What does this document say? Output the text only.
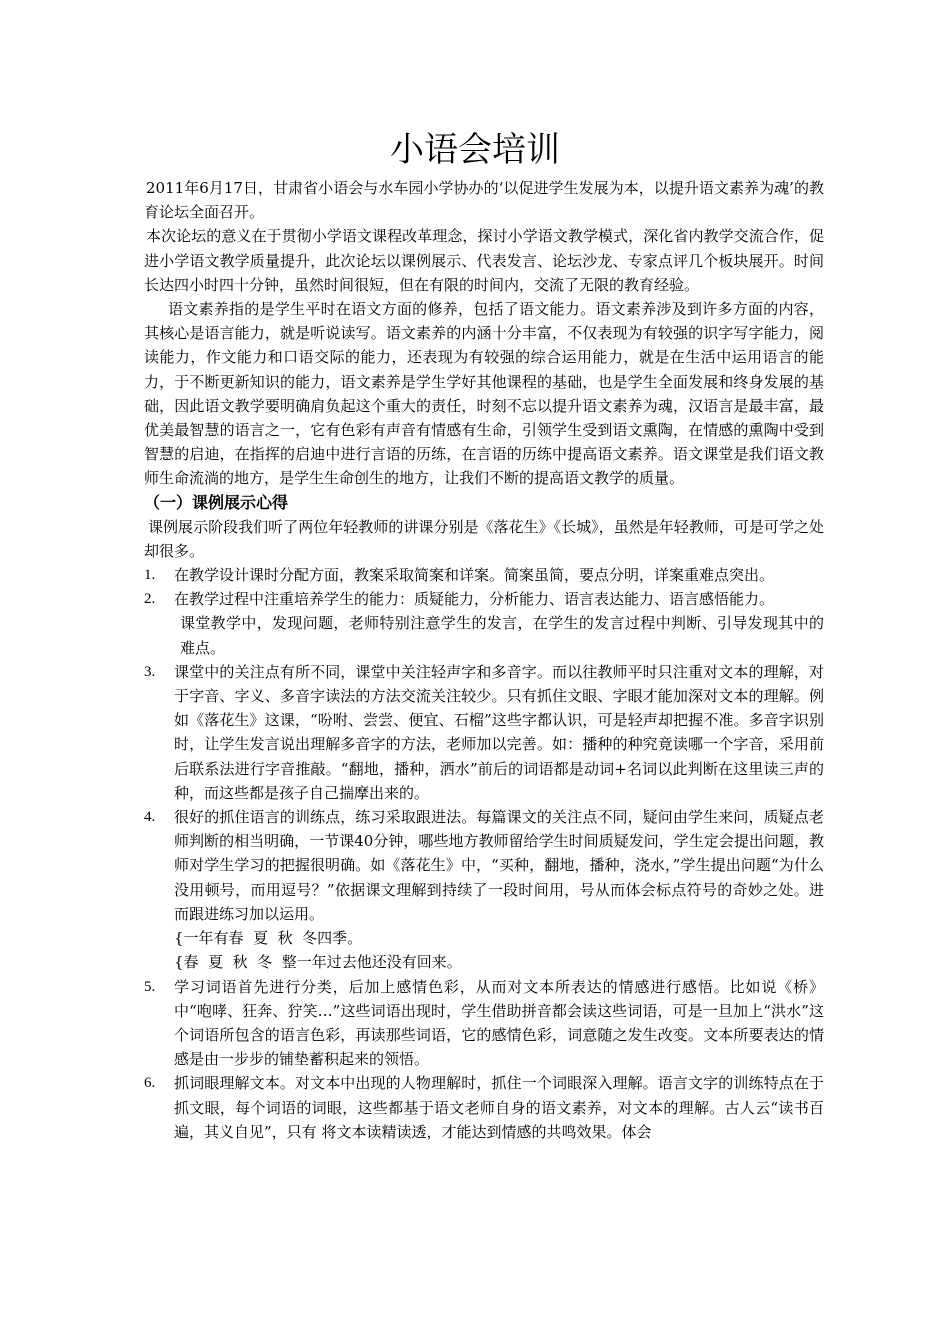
小语会培训

2011年6月17日，甘肃省小语会与水车园小学协办的‘以促进学生发展为本，以提升语文素养为魂’的教育论坛全面召开。

本次论坛的意义在于贯彻小学语文课程改革理念，探讨小学语文教学模式，深化省内教学交流合作，促进小学语文教学质量提升，此次论坛以课例展示、代表发言、论坛沙龙、专家点评几个板块展开。时间长达四小时四十分钟，虽然时间很短，但在有限的时间内，交流了无限的教育经验。

语文素养指的是学生平时在语文方面的修养，包括了语文能力。语文素养涉及到许多方面的内容，其核心是语言能力，就是听说读写。语文素养的内涵十分丰富，不仅表现为有较强的识字写字能力，阅读能力，作文能力和口语交际的能力，还表现为有较强的综合运用能力，就是在生活中运用语言的能力，于不断更新知识的能力，语文素养是学生学好其他课程的基础，也是学生全面发展和终身发展的基础，因此语文教学要明确肩负起这个重大的责任，时刻不忘以提升语文素养为魂，汉语言是最丰富，最优美最智慧的语言之一，它有色彩有声音有情感有生命，引领学生受到语文熏陶，在情感的熏陶中受到智慧的启迪，在指挥的启迪中进行言语的历练，在言语的历练中提高语文素养。语文课堂是我们语文教师生命流淌的地方，是学生生命创生的地方，让我们不断的提高语文教学的质量。

（一）课例展示心得

课例展示阶段我们听了两位年轻教师的讲课分别是《落花生》《长城》，虽然是年轻教师，可是可学之处却很多。

1.	在教学设计课时分配方面，教案采取简案和详案。简案虽简，要点分明，详案重难点突出。
2.	在教学过程中注重培养学生的能力：质疑能力，分析能力、语言表达能力、语言感悟能力。
课堂教学中，发现问题，老师特别注意学生的发言，在学生的发言过程中判断、引导发现其中的难点。
3.	课堂中的关注点有所不同，课堂中关注轻声字和多音字。而以往教师平时只注重对文本的理解，对于字音、字义、多音字读法的方法交流关注较少。只有抓住文眼、字眼才能加深对文本的理解。例如《落花生》这课，“吩咐、尝尝、便宜、石榴”这些字都认识，可是轻声却把握不准。多音字识别时，让学生发言说出理解多音字的方法，老师加以完善。如：播种的种究竟读哪一个字音，采用前后联系法进行字音推敲。“翻地，播种，洒水”前后的词语都是动词+名词以此判断在这里读三声的种，而这些都是孩子自己揣摩出来的。
4.	很好的抓住语言的训练点，练习采取跟进法。每篇课文的关注点不同，疑问由学生来问，质疑点老师判断的相当明确，一节课40分钟，哪些地方教师留给学生时间质疑发问，学生定会提出问题，教师对学生学习的把握很明确。如《落花生》中，“买种，翻地，播种，浇水，”学生提出问题“为什么没用顿号，而用逗号？”依据课文理解到持续了一段时间用，号从而体会标点符号的奇妙之处。进而跟进练习加以运用。

{一年有春  夏  秋  冬四季。

{春  夏  秋  冬  整一年过去他还没有回来。

5.	学习词语首先进行分类，后加上感情色彩，从而对文本所表达的情感进行感悟。比如说《桥》中“咆哮、狂奔、狞笑…”这些词语出现时，学生借助拼音都会读这些词语，可是一旦加上“洪水”这个词语所包含的语言色彩，再读那些词语，它的感情色彩，词意随之发生改变。文本所要表达的情感是由一步步的铺垫蓄积起来的领悟。
6.	抓词眼理解文本。对文本中出现的人物理解时，抓住一个词眼深入理解。语言文字的训练特点在于抓文眼，每个词语的词眼，这些都基于语文老师自身的语文素养，对文本的理解。古人云“读书百遍，其义自见”，只有 将文本读精读透，才能达到情感的共鸣效果。体会
